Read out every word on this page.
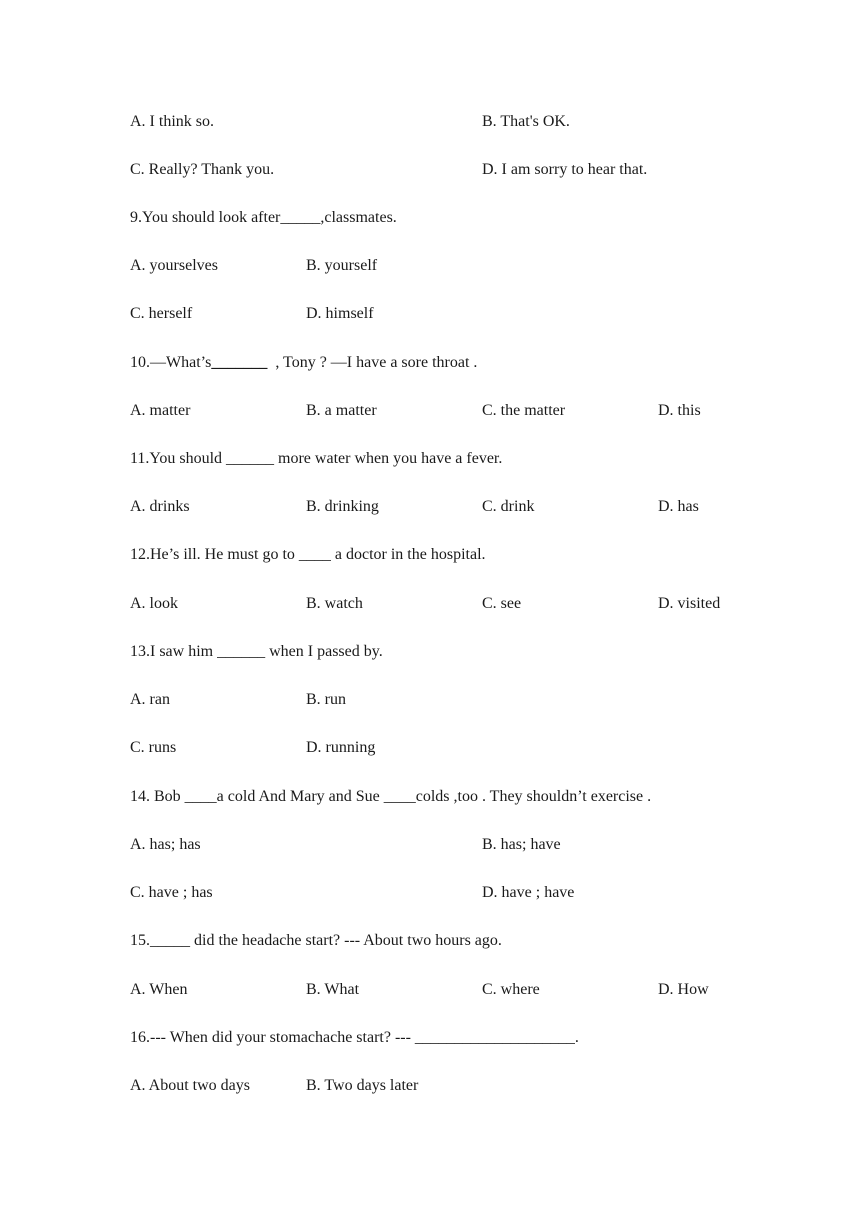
A. I think so.

	B. That's OK.

C. Really? Thank you.

	D. I am sorry to hear that.

9.You should look after_____,classmates.

A. yourselves

	B. yourself

C. herself

	D. himself

10.—What’s_______  , Tony ? —I have a sore throat .

A. matter

	B. a matter

	C. the matter

	D. this

11.You should ______ more water when you have a fever.

A. drinks

	B. drinking

	C. drink

	D. has

12.He’s ill. He must go to ____ a doctor in the hospital.

A. look

	B. watch

	C. see

	D. visited

13.I saw him ______ when I passed by.

A. ran

	B. run

C. runs

	D. running

14. Bob ____a cold And Mary and Sue ____colds ,too . They shouldn’t exercise .

A. has; has

	B. has; have

C. have ; has

	D. have ; have

15._____ did the headache start? --- About two hours ago.

A. When

	B. What

	C. where

	D. How

16.--- When did your stomachache start? --- ____________________.

A. About two days

	B. Two days later
